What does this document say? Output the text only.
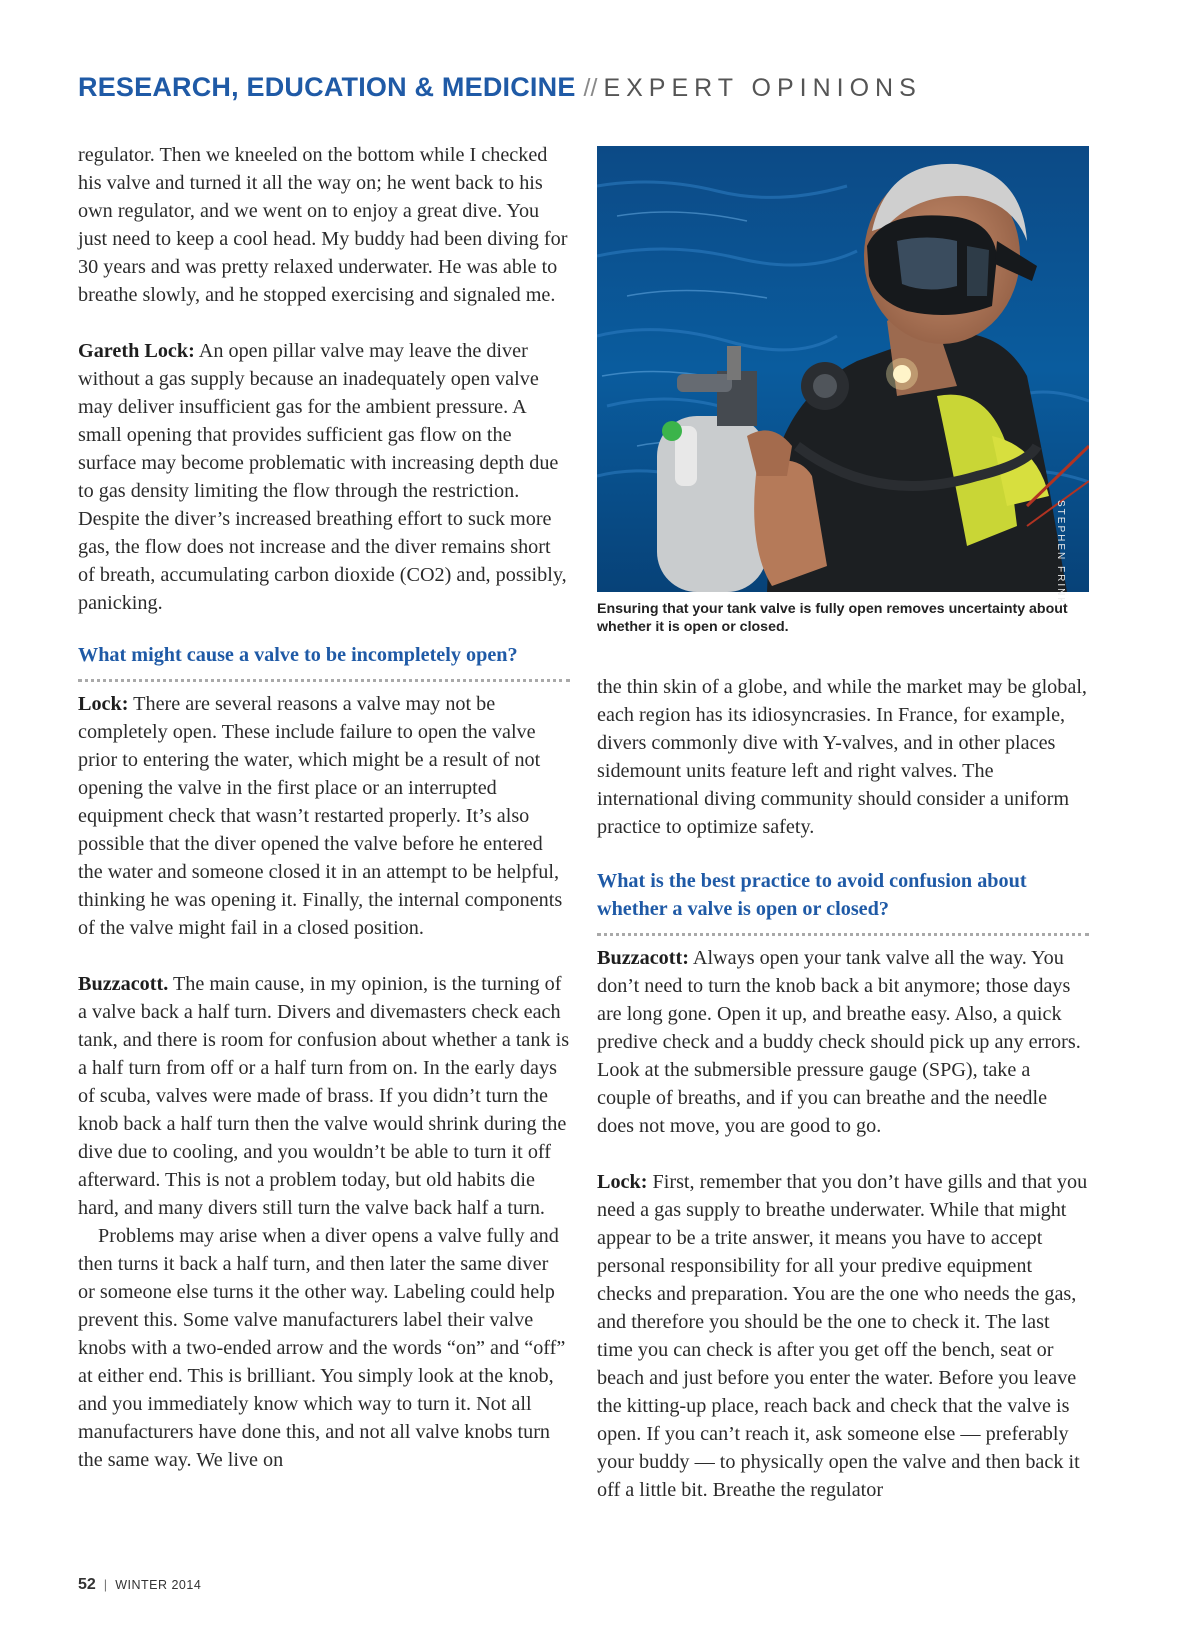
RESEARCH, EDUCATION & MEDICINE // EXPERT OPINIONS

regulator. Then we kneeled on the bottom while I checked his valve and turned it all the way on; he went back to his own regulator, and we went on to enjoy a great dive. You just need to keep a cool head. My buddy had been diving for 30 years and was pretty relaxed underwater. He was able to breathe slowly, and he stopped exercising and signaled me.

Gareth Lock: An open pillar valve may leave the diver without a gas supply because an inadequately open valve may deliver insufficient gas for the ambient pressure. A small opening that provides sufficient gas flow on the surface may become problematic with increasing depth due to gas density limiting the flow through the restriction. Despite the diver’s increased breathing effort to suck more gas, the flow does not increase and the diver remains short of breath, accumulating carbon dioxide (CO2) and, possibly, panicking.

What might cause a valve to be incompletely open?

Lock: There are several reasons a valve may not be completely open. These include failure to open the valve prior to entering the water, which might be a result of not opening the valve in the first place or an interrupted equipment check that wasn’t restarted properly. It’s also possible that the diver opened the valve before he entered the water and someone closed it in an attempt to be helpful, thinking he was opening it. Finally, the internal components of the valve might fail in a closed position.

Buzzacott. The main cause, in my opinion, is the turning of a valve back a half turn. Divers and divemasters check each tank, and there is room for confusion about whether a tank is a half turn from off or a half turn from on. In the early days of scuba, valves were made of brass. If you didn’t turn the knob back a half turn then the valve would shrink during the dive due to cooling, and you wouldn’t be able to turn it off afterward. This is not a problem today, but old habits die hard, and many divers still turn the valve back half a turn.

Problems may arise when a diver opens a valve fully and then turns it back a half turn, and then later the same diver or someone else turns it the other way. Labeling could help prevent this. Some valve manufacturers label their valve knobs with a two-ended arrow and the words “on” and “off” at either end. This is brilliant. You simply look at the knob, and you immediately know which way to turn it. Not all manufacturers have done this, and not all valve knobs turn the same way. We live on

STEPHEN FRINK
Ensuring that your tank valve is fully open removes uncertainty about whether it is open or closed.

the thin skin of a globe, and while the market may be global, each region has its idiosyncrasies. In France, for example, divers commonly dive with Y-valves, and in other places sidemount units feature left and right valves. The international diving community should consider a uniform practice to optimize safety.

What is the best practice to avoid confusion about whether a valve is open or closed?

Buzzacott: Always open your tank valve all the way. You don’t need to turn the knob back a bit anymore; those days are long gone. Open it up, and breathe easy. Also, a quick predive check and a buddy check should pick up any errors. Look at the submersible pressure gauge (SPG), take a couple of breaths, and if you can breathe and the needle does not move, you are good to go.

Lock: First, remember that you don’t have gills and that you need a gas supply to breathe underwater. While that might appear to be a trite answer, it means you have to accept personal responsibility for all your predive equipment checks and preparation. You are the one who needs the gas, and therefore you should be the one to check it. The last time you can check is after you get off the bench, seat or beach and just before you enter the water. Before you leave the kitting-up place, reach back and check that the valve is open. If you can’t reach it, ask someone else — preferably your buddy — to physically open the valve and then back it off a little bit. Breathe the regulator

52 | WINTER 2014
